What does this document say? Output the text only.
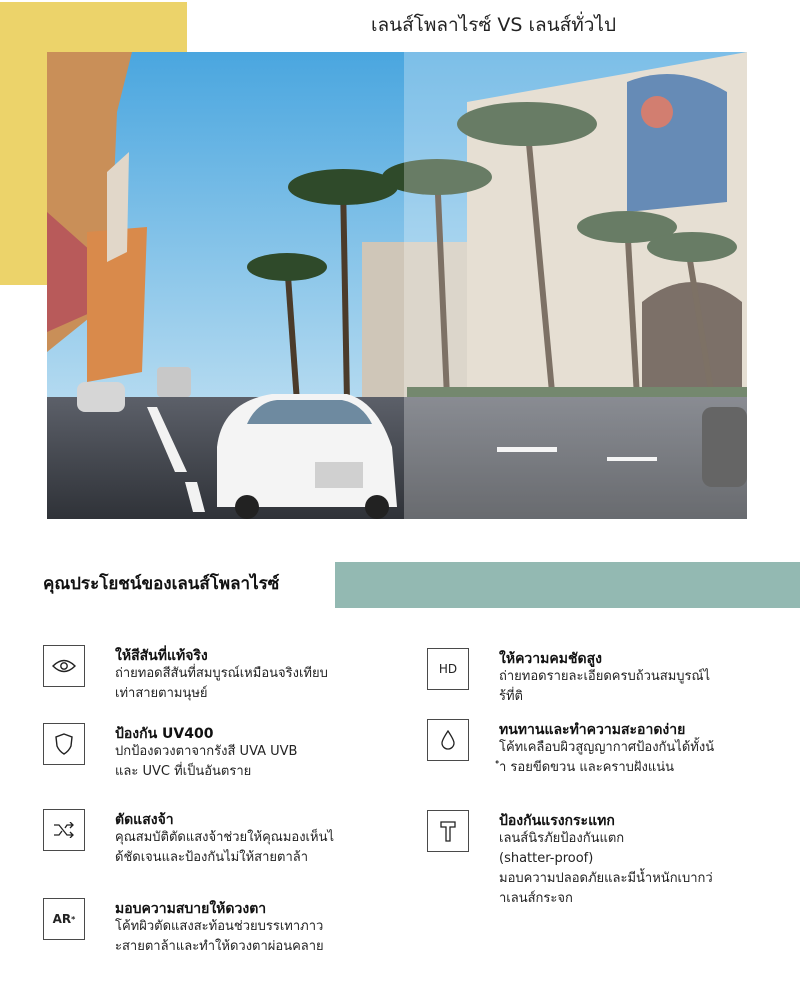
เลนส์โพลาไรซ์ VS เลนส์ทั่วไป
คุณประโยชน์ของเลนส์โพลาไรซ์
ให้สีสันที่แท้จริง
ถ่ายทอดสีสันที่สมบูรณ์เหมือนจริงเทียบ
เท่าสายตามนุษย์
ป้องกัน UV400
ปกป้องดวงตาจากรังสี UVA UVB
และ UVC ที่เป็นอันตราย
ตัดแสงจ้า
คุณสมบัติตัดแสงจ้าช่วยให้คุณมองเห็นไ
ด้ชัดเจนและป้องกันไม่ให้สายตาล้า
AR *
มอบความสบายให้ดวงตา
โค้ทผิวตัดแสงสะท้อนช่วยบรรเทาภาว
ะสายตาล้าและทำให้ดวงตาผ่อนคลาย
HD
ให้ความคมชัดสูง
ถ่ายทอดรายละเอียดครบถ้วนสมบูรณ์ไ
ร้ที่ติ
ทนทานและทำความสะอาดง่าย
โค้ทเคลือบผิวสูญญากาศป้องกันได้ทั้งน้
ำ รอยขีดขวน และคราบฝังแน่น
ป้องกันแรงกระแทก
เลนส์นิรภัยป้องกันแตก
(shatter-proof)
มอบความปลอดภัยและมีน้ำหนักเบากว่
าเลนส์กระจก
